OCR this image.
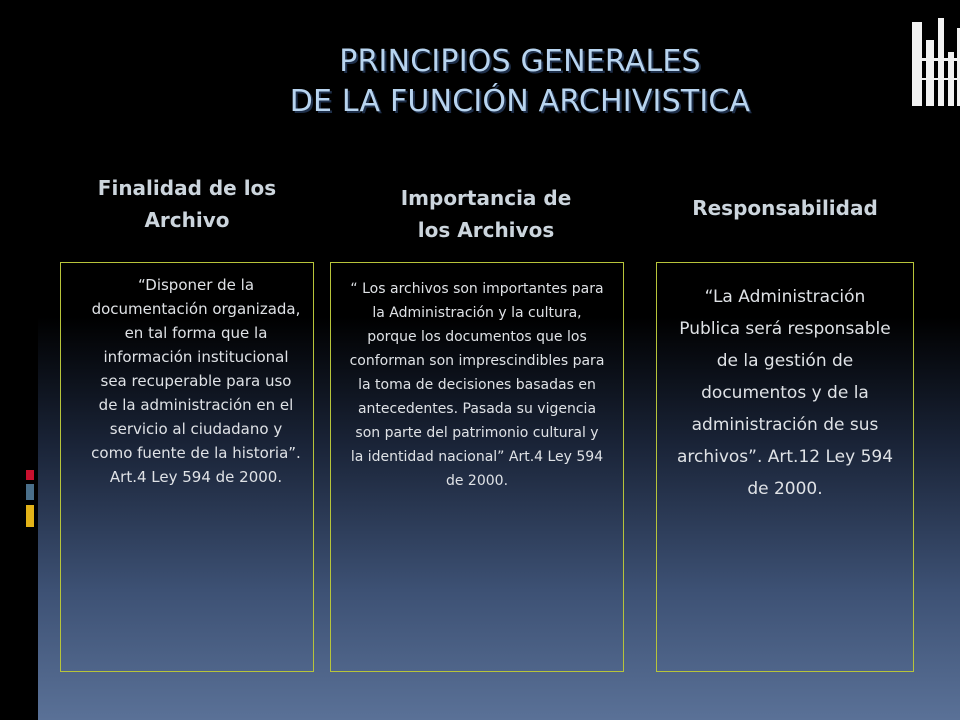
PRINCIPIOS GENERALES
DE LA FUNCIÓN ARCHIVISTICA
Finalidad de los
Archivo
Importancia de
los Archivos
Responsabilidad
“Disponer de la documentación organizada, en tal forma que la información institucional sea recuperable para uso de la administración en el servicio al ciudadano y como fuente de la historia”. Art.4 Ley 594 de 2000.
“ Los archivos son importantes para la Administración y la cultura, porque los documentos que los conforman son imprescindibles para la toma de decisiones basadas en antecedentes. Pasada su vigencia son parte del patrimonio cultural y la identidad nacional” Art.4 Ley 594 de 2000.
“La Administración Publica será responsable de la gestión de documentos y de la administración de sus archivos”. Art.12 Ley 594 de 2000.
